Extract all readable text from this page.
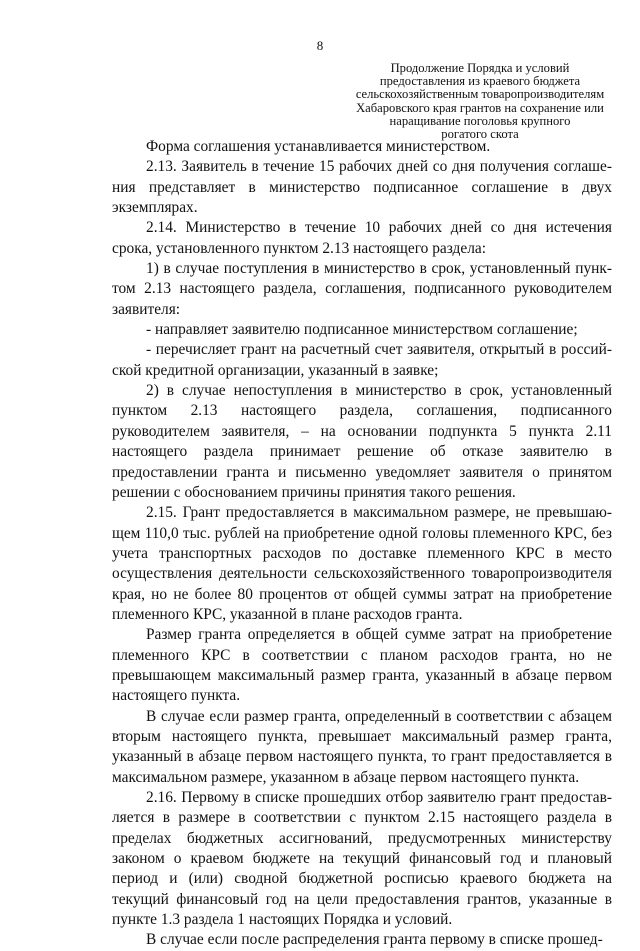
8
Продолжение Порядка и условий
предоставления из краевого бюджета
сельскохозяйственным товаропроизводителям
Хабаровского края грантов на сохранение или
наращивание поголовья крупного
рогатого скота

Форма соглашения устанавливается министерством.

2.13. Заявитель в течение 15 рабочих дней со дня получения соглашения представляет в министерство подписанное соглашение в двух экземплярах.

2.14. Министерство в течение 10 рабочих дней со дня истечения срока, установленного пунктом 2.13 настоящего раздела:

1) в случае поступления в министерство в срок, установленный пунктом 2.13 настоящего раздела, соглашения, подписанного руководителем заявителя:

- направляет заявителю подписанное министерством соглашение;

- перечисляет грант на расчетный счет заявителя, открытый в российской кредитной организации, указанный в заявке;

2) в случае непоступления в министерство в срок, установленный пунктом 2.13 настоящего раздела, соглашения, подписанного руководителем заявителя, – на основании подпункта 5 пункта 2.11 настоящего раздела принимает решение об отказе заявителю в предоставлении гранта и письменно уведомляет заявителя о принятом решении с обоснованием причины принятия такого решения.

2.15. Грант предоставляется в максимальном размере, не превышающем 110,0 тыс. рублей на приобретение одной головы племенного КРС, без учета транспортных расходов по доставке племенного КРС в место осуществления деятельности сельскохозяйственного товаропроизводителя края, но не более 80 процентов от общей суммы затрат на приобретение племенного КРС, указанной в плане расходов гранта.

Размер гранта определяется в общей сумме затрат на приобретение племенного КРС в соответствии с планом расходов гранта, но не превышающем максимальный размер гранта, указанный в абзаце первом настоящего пункта.

В случае если размер гранта, определенный в соответствии с абзацем вторым настоящего пункта, превышает максимальный размер гранта, указанный в абзаце первом настоящего пункта, то грант предоставляется в максимальном размере, указанном в абзаце первом настоящего пункта.

2.16. Первому в списке прошедших отбор заявителю грант предоставляется в размере в соответствии с пунктом 2.15 настоящего раздела в пределах бюджетных ассигнований, предусмотренных министерству законом о краевом бюджете на текущий финансовый год и плановый период и (или) сводной бюджетной росписью краевого бюджета на текущий финансовый год на цели предоставления грантов, указанные в пункте 1.3 раздела 1 настоящих Порядка и условий.

В случае если после распределения гранта первому в списке прошед-
